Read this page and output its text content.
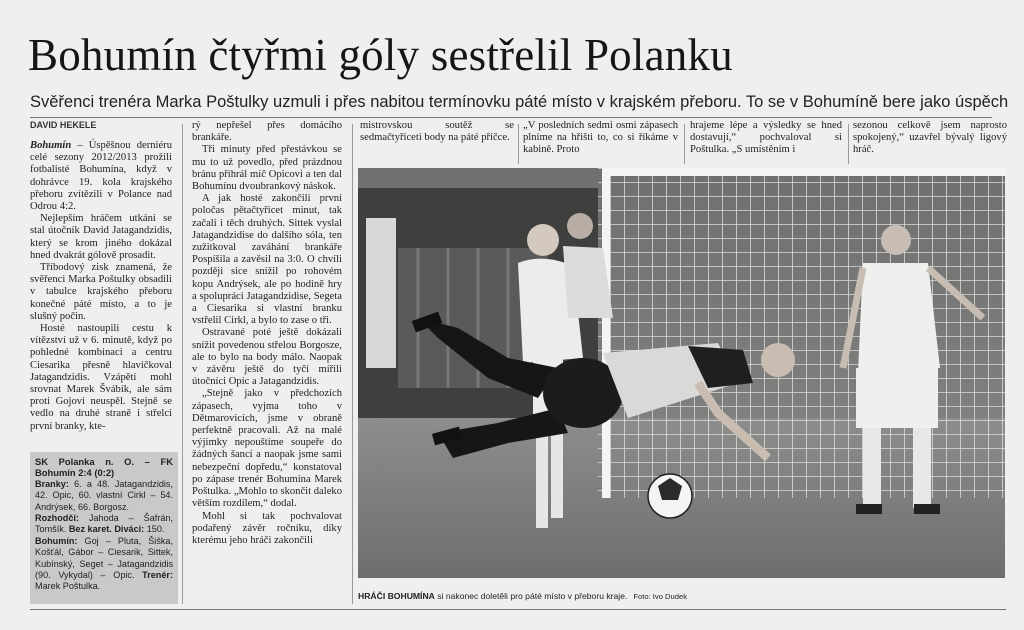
Bohumín čtyřmi góly sestřelil Polanku
Svěřenci trenéra Marka Poštulky uzmuli i přes nabitou termínovku páté místo v krajském přeboru. To se v Bohumíně bere jako úspěch
DAVID HEKELE

Bohumín – Úspěšnou derniéru celé sezony 2012/2013 prožili fotbalisté Bohumína, když v dohrávce 19. kola krajského přeboru zvítězili v Polance nad Odrou 4:2.

Nejlepším hráčem utkání se stal útočník David Jatagandzidis, který se krom jiného dokázal hned dvakrát gólově prosadit.

Tříbodový zisk znamená, že svěřenci Marka Poštulky obsadili v tabulce krajského přeboru konečné páté místo, a to je slušný počin.

Hosté nastoupili cestu k vítězství už v 6. minutě, když po pohledné kombinaci a centru Ciesarika přesně hlavičkoval Jatagandzidis. Vzápětí mohl srovnat Marek Švábík, ale sám proti Gojovi neuspěl. Stejně se vedlo na druhé straně i střelci první branky, kte-

rý nepřešel přes domácího brankáře.

Tři minuty před přestávkou se mu to už povedlo, před prázdnou bránu přihrál míč Opicovi a ten dal Bohumínu dvoubrankový náskok.

A jak hosté zakončili první poločas pětačtyřicet minut, tak začali i těch druhých. Sittek vyslal Jatagandzidise do dalšího sóla, ten zužitkoval zaváhání brankáře Pospíšila a zavěsil na 3:0. O chvíli později sice snížil po rohovém kopu Andrýsek, ale po hodině hry a spolupráci Jatagandzidise, Segeta a Ciesarika si vlastní branku vstřelil Cirkl, a bylo to zase o tři.

Ostravané poté ještě dokázali snížit povedenou střelou Borgosze, ale to bylo na body málo. Naopak v závěru ještě do tyčí mířili útočníci Opic a Jatagandzidis.

„Stejně jako v předchozích zápasech, vyjma toho v Dětmarovicích, jsme v obraně perfektně pracovali. Až na malé výjimky nepouštíme soupeře do žádných šancí a naopak jsme sami nebezpeční dopředu,“ konstatoval po zápase trenér Bohumína Marek Poštulka. „Mohlo to skončit daleko větším rozdílem,“ dodal.

Mohl si tak pochvalovat podařený závěr ročníku, díky kterému jeho hráči zakončili

mistrovskou soutěž se sedmačtyřiceti body na páté příčce.

„V posledních sedmi osmi zápasech plníme na hřišti to, co si říkáme v kabině. Proto

hrajeme lépe a výsledky se hned dostavují,“ pochvaloval si Poštulka. „S umístěním i

sezonou celkově jsem naprosto spokojený,“ uzavřel bývalý ligový hráč.

SK Polanka n. O. – FK Bohumín 2:4 (0:2)

Branky: 6. a 48. Jatagandzidis, 42. Opic, 60. vlastní Cirkl – 54. Andrýsek, 66. Borgosz.

Rozhodčí: Jahoda – Šafrán, Tomšík. Bez karet. Diváci: 150.

Bohumín: Goj – Pluta, Šiška, Košťál, Gábor – Ciesarik, Sittek, Kubínský, Seget – Jatagandzidis (90. Vykydal) – Opic. Trenér: Marek Poštulka.

HRÁČI BOHUMÍNA si nakonec doletěli pro páté místo v přeboru kraje. Foto: Ivo Dudek
